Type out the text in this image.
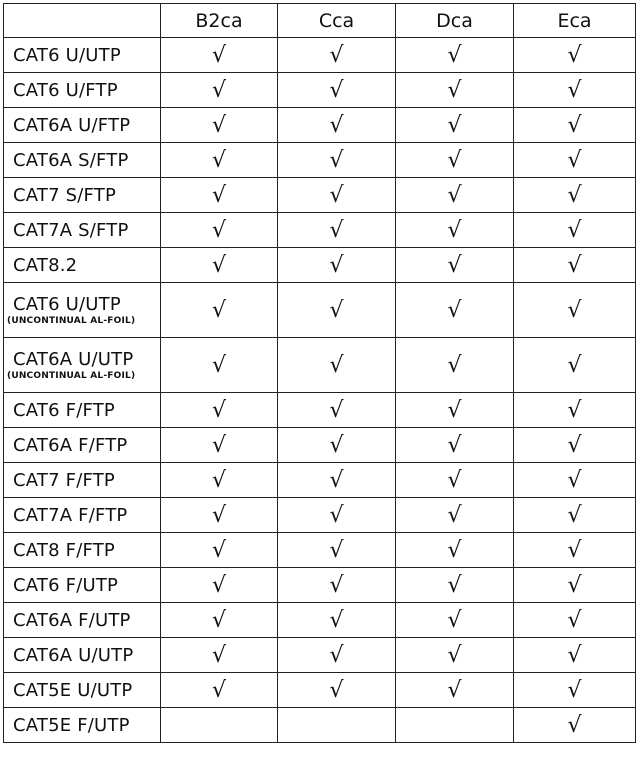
	B2ca	Cca	Dca	Eca
CAT6 U/UTP	√	√	√	√
CAT6 U/FTP	√	√	√	√
CAT6A U/FTP	√	√	√	√
CAT6A S/FTP	√	√	√	√
CAT7 S/FTP	√	√	√	√
CAT7A S/FTP	√	√	√	√
CAT8.2	√	√	√	√
CAT6 U/UTP
(UNCONTINUAL AL-FOIL)	√	√	√	√
CAT6A U/UTP
(UNCONTINUAL AL-FOIL)	√	√	√	√
CAT6 F/FTP	√	√	√	√
CAT6A F/FTP	√	√	√	√
CAT7 F/FTP	√	√	√	√
CAT7A F/FTP	√	√	√	√
CAT8 F/FTP	√	√	√	√
CAT6 F/UTP	√	√	√	√
CAT6A F/UTP	√	√	√	√
CAT6A U/UTP	√	√	√	√
CAT5E U/UTP	√	√	√	√
CAT5E F/UTP				√
